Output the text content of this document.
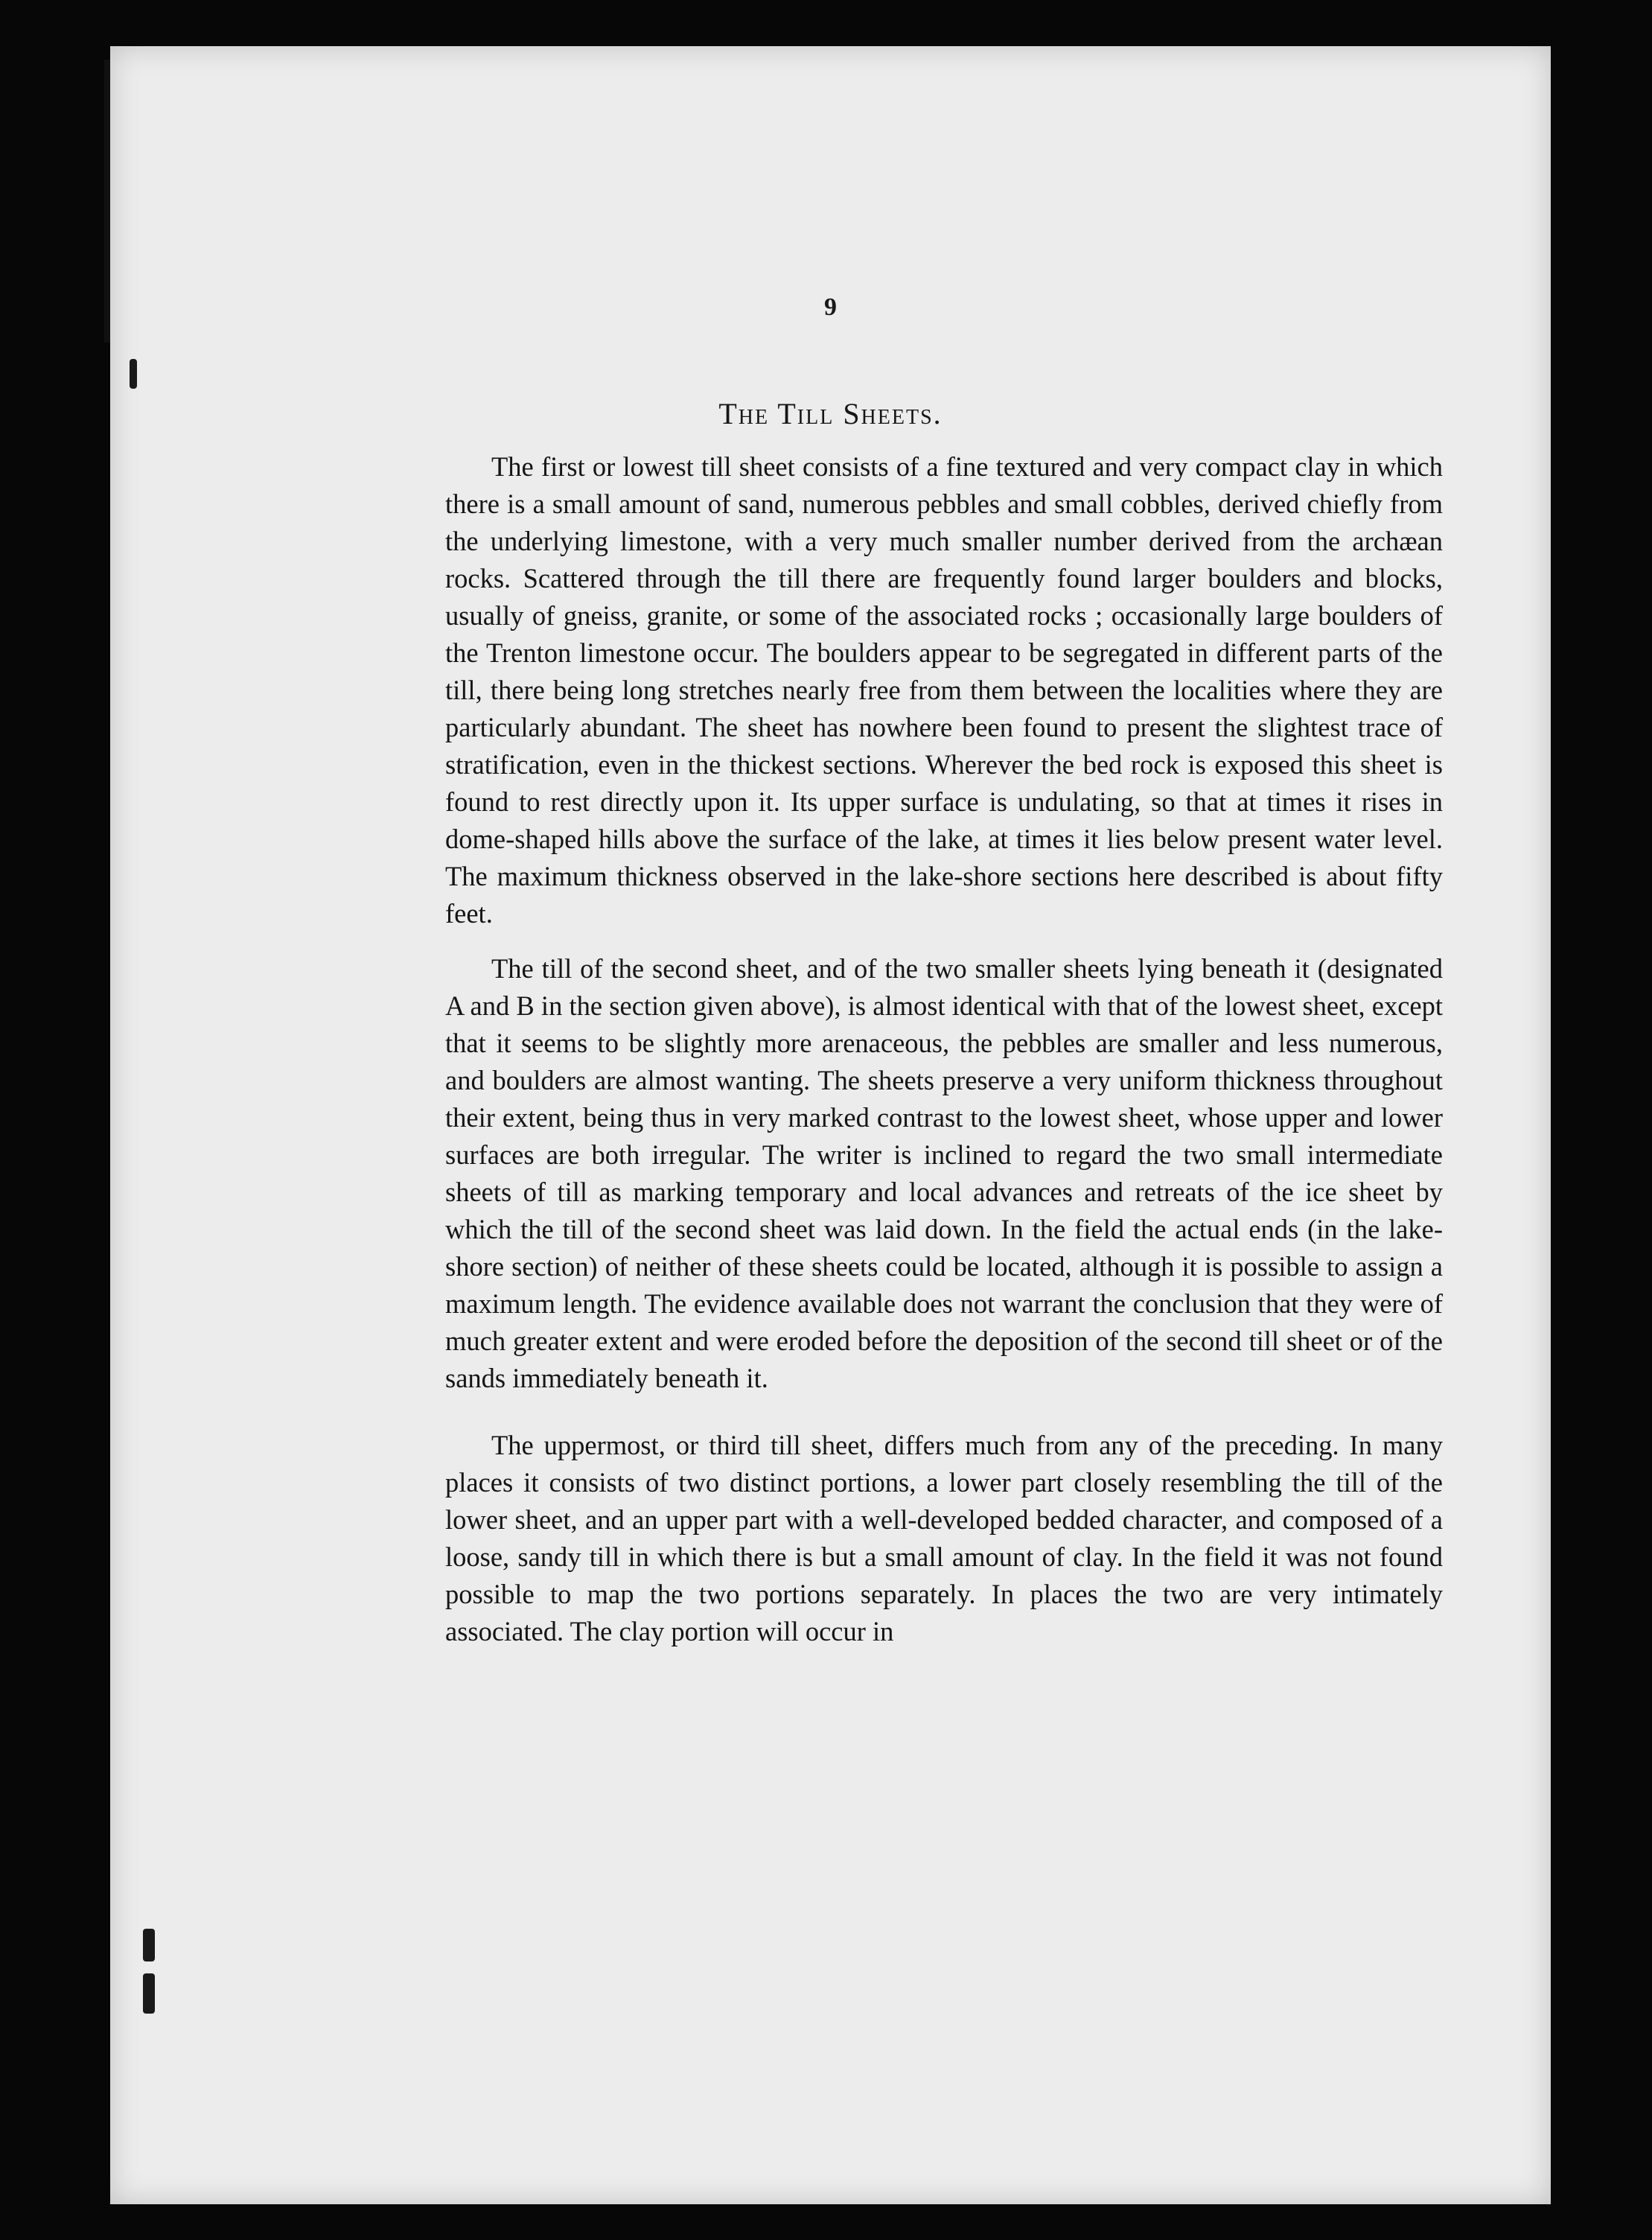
9
The Till Sheets.

The first or lowest till sheet consists of a fine textured and very compact clay in which there is a small amount of sand, numerous pebbles and small cobbles, derived chiefly from the underlying limestone, with a very much smaller number derived from the archæan rocks. Scattered through the till there are frequently found larger boulders and blocks, usually of gneiss, granite, or some of the associated rocks ; occasionally large boulders of the Trenton limestone occur. The boulders appear to be segregated in different parts of the till, there being long stretches nearly free from them between the localities where they are particularly abundant. The sheet has nowhere been found to present the slightest trace of stratification, even in the thickest sections. Wherever the bed rock is exposed this sheet is found to rest directly upon it. Its upper surface is undulating, so that at times it rises in dome-shaped hills above the surface of the lake, at times it lies below present water level. The maximum thickness observed in the lake-shore sections here described is about fifty feet.

The till of the second sheet, and of the two smaller sheets lying beneath it (designated A and B in the section given above), is almost identical with that of the lowest sheet, except that it seems to be slightly more arenaceous, the pebbles are smaller and less numerous, and boulders are almost wanting. The sheets preserve a very uniform thickness throughout their extent, being thus in very marked contrast to the lowest sheet, whose upper and lower surfaces are both irregular. The writer is inclined to regard the two small intermediate sheets of till as marking temporary and local advances and retreats of the ice sheet by which the till of the second sheet was laid down. In the field the actual ends (in the lake-shore section) of neither of these sheets could be located, although it is possible to assign a maximum length. The evidence available does not warrant the conclusion that they were of much greater extent and were eroded before the deposition of the second till sheet or of the sands immediately beneath it.

The uppermost, or third till sheet, differs much from any of the preceding. In many places it consists of two distinct portions, a lower part closely resembling the till of the lower sheet, and an upper part with a well-developed bedded character, and composed of a loose, sandy till in which there is but a small amount of clay. In the field it was not found possible to map the two portions separately. In places the two are very intimately associated. The clay portion will occur in
